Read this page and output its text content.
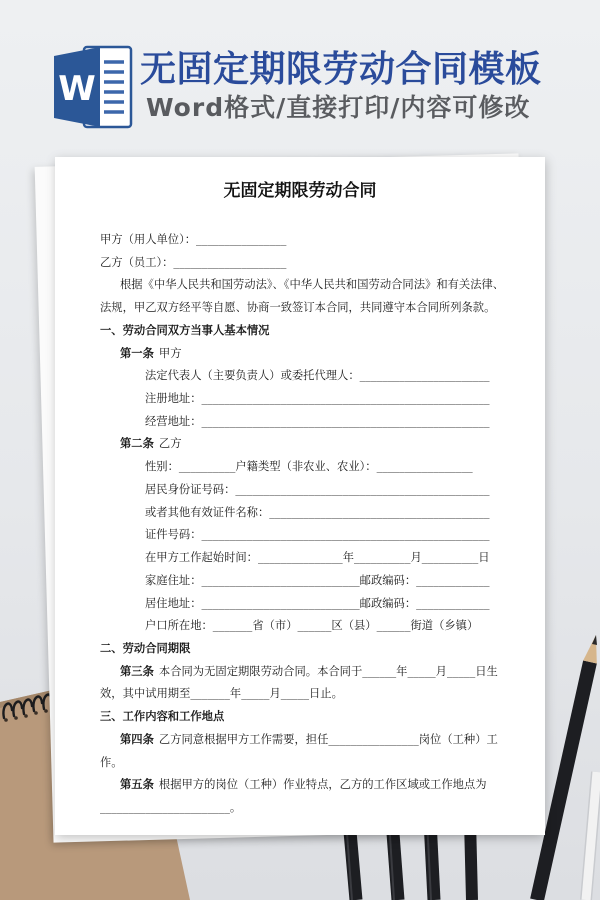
W 无固定期限劳动合同模板
Word格式/直接打印/内容可修改
无固定期限劳动合同
甲方（用人单位）：________________
乙方（员工）：____________________
根据《中华人民共和国劳动法》、《中华人民共和国劳动合同法》和有关法律、
法规，甲乙双方经平等自愿、协商一致签订本合同，共同遵守本合同所列条款。
一、劳动合同双方当事人基本情况
第一条 甲方
法定代表人（主要负责人）或委托代理人：_______________________
注册地址：___________________________________________________
经营地址：___________________________________________________
第二条 乙方
性别：__________户籍类型（非农业、农业）：_________________
居民身份证号码：_____________________________________________
或者其他有效证件名称：_______________________________________
证件号码：___________________________________________________
在甲方工作起始时间：_______________年__________月__________日
家庭住址：____________________________邮政编码：_____________
居住地址：____________________________邮政编码：_____________
户口所在地：_______省（市）______区（县）______街道（乡镇）
二、劳动合同期限
第三条 本合同为无固定期限劳动合同。本合同于______年_____月_____日生
效，其中试用期至_______年_____月_____日止。
三、工作内容和工作地点
第四条 乙方同意根据甲方工作需要，担任________________岗位（工种）工
作。
第五条 根据甲方的岗位（工种）作业特点，乙方的工作区域或工作地点为
_______________________。
